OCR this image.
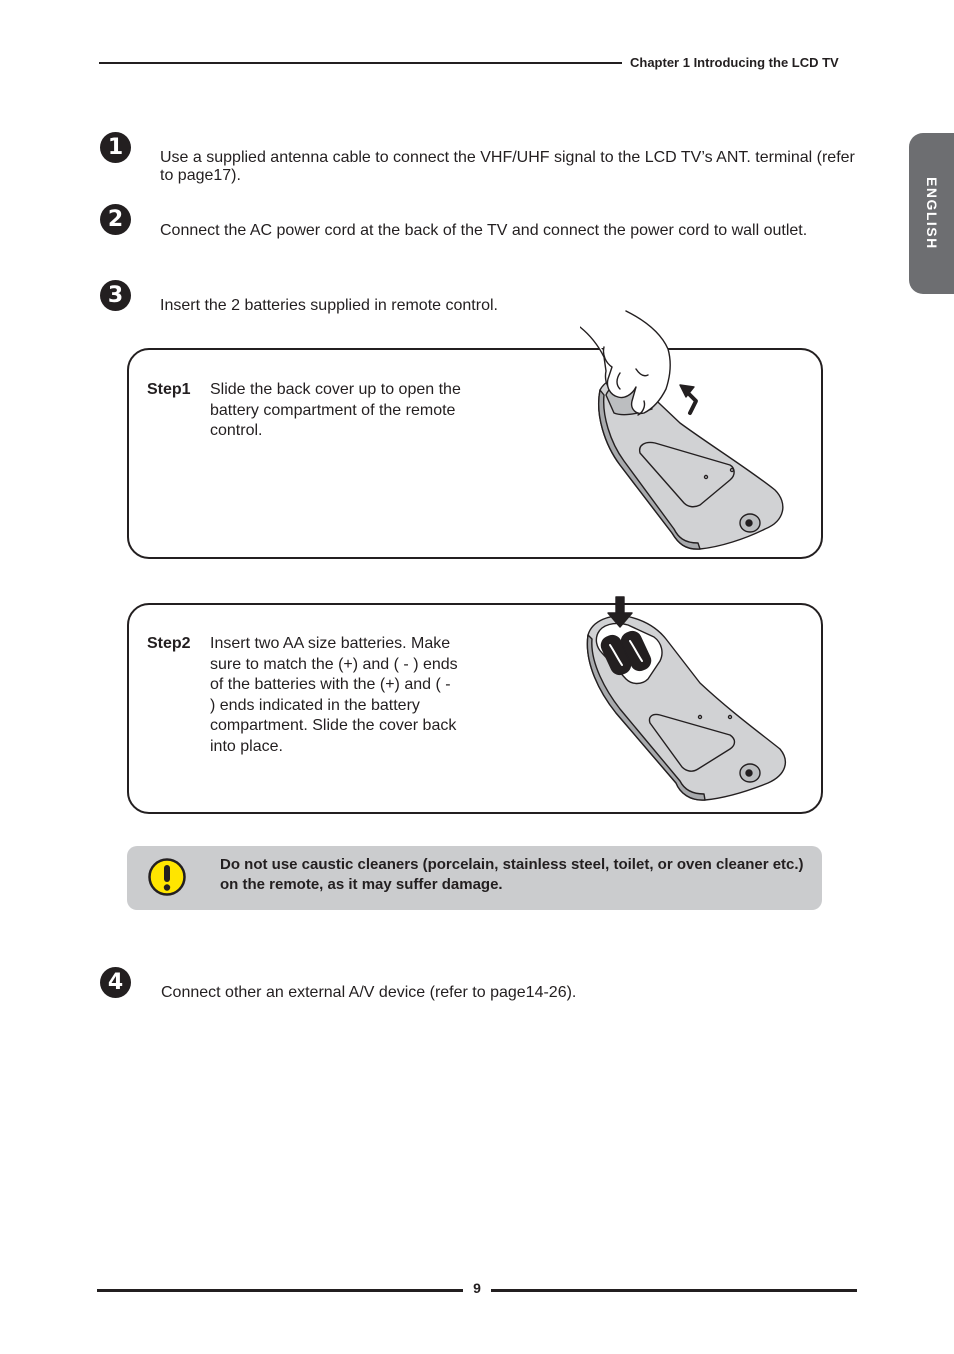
Chapter 1 Introducing the LCD TV
ENGLISH
1	Use a supplied antenna cable to connect the VHF/UHF signal to the LCD TV’s ANT. terminal (refer to page17).
2	Connect the AC power cord at the back of the TV and connect the power cord to wall outlet.
3	Insert the 2 batteries supplied in remote control.
Step1 Slide the back cover up to open the battery compartment of the remote control.
Step2 Insert two AA size batteries. Make sure to match the (+) and ( - ) ends of the batteries with the (+) and ( - ) ends indicated in the battery compartment. Slide the cover back into place.
Do not use caustic cleaners (porcelain, stainless steel, toilet, or oven cleaner etc.) on the remote, as it may suffer damage.
4	Connect other an external A/V device (refer to page14-26).
9
